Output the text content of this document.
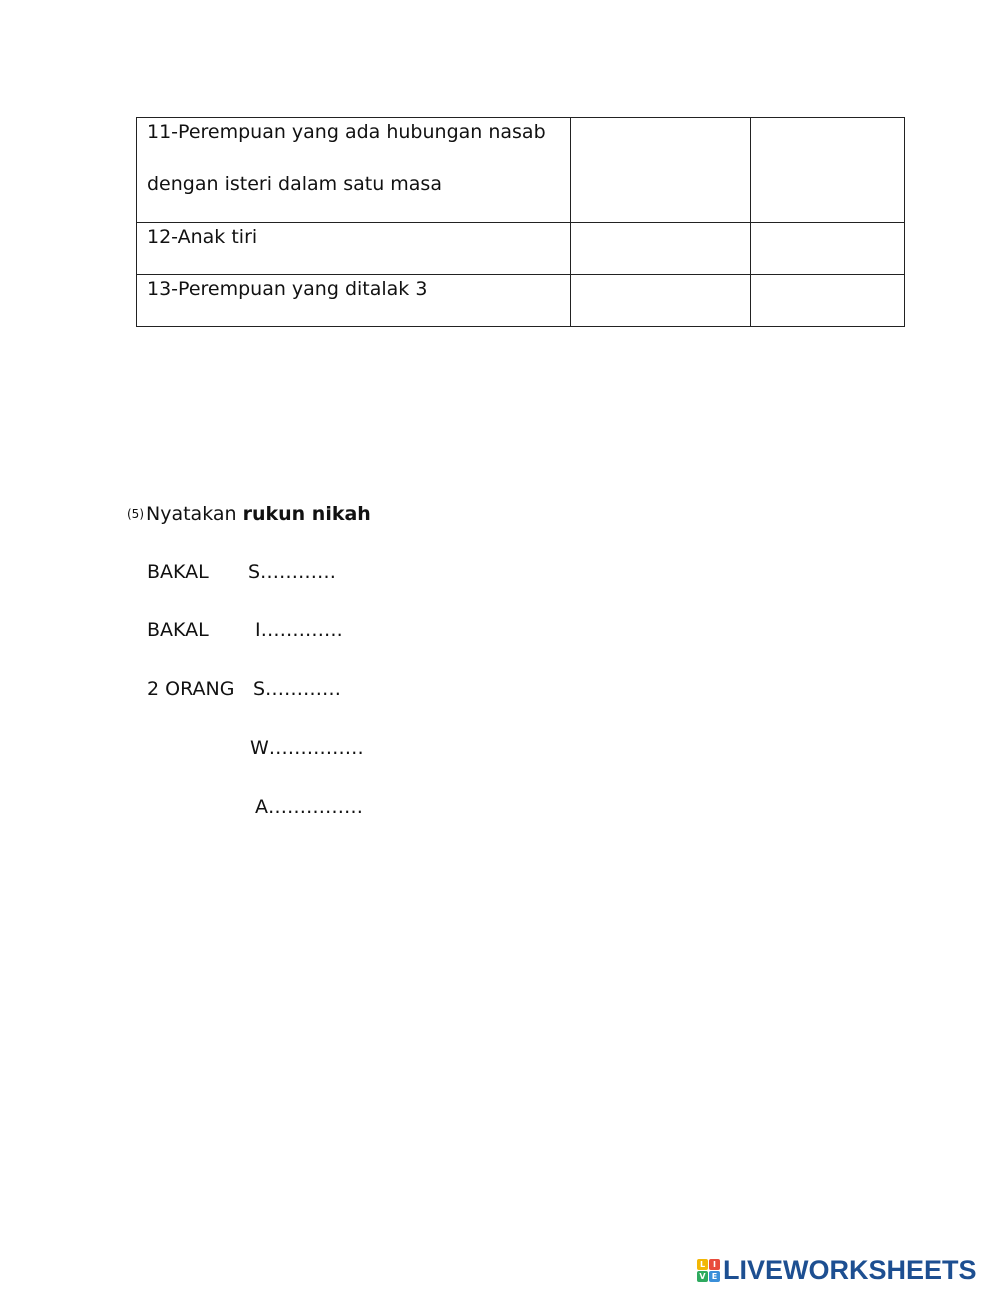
11-Perempuan yang ada hubungan nasab
dengan isteri dalam satu masa		

12-Anak tiri		

13-Perempuan yang ditalak 3		

(5) Nyatakan rukun nikah
BAKAL S…………
BAKAL I………….
2 ORANG S…………
W……………
A……………
L I
V E LIVEWORKSHEETS
